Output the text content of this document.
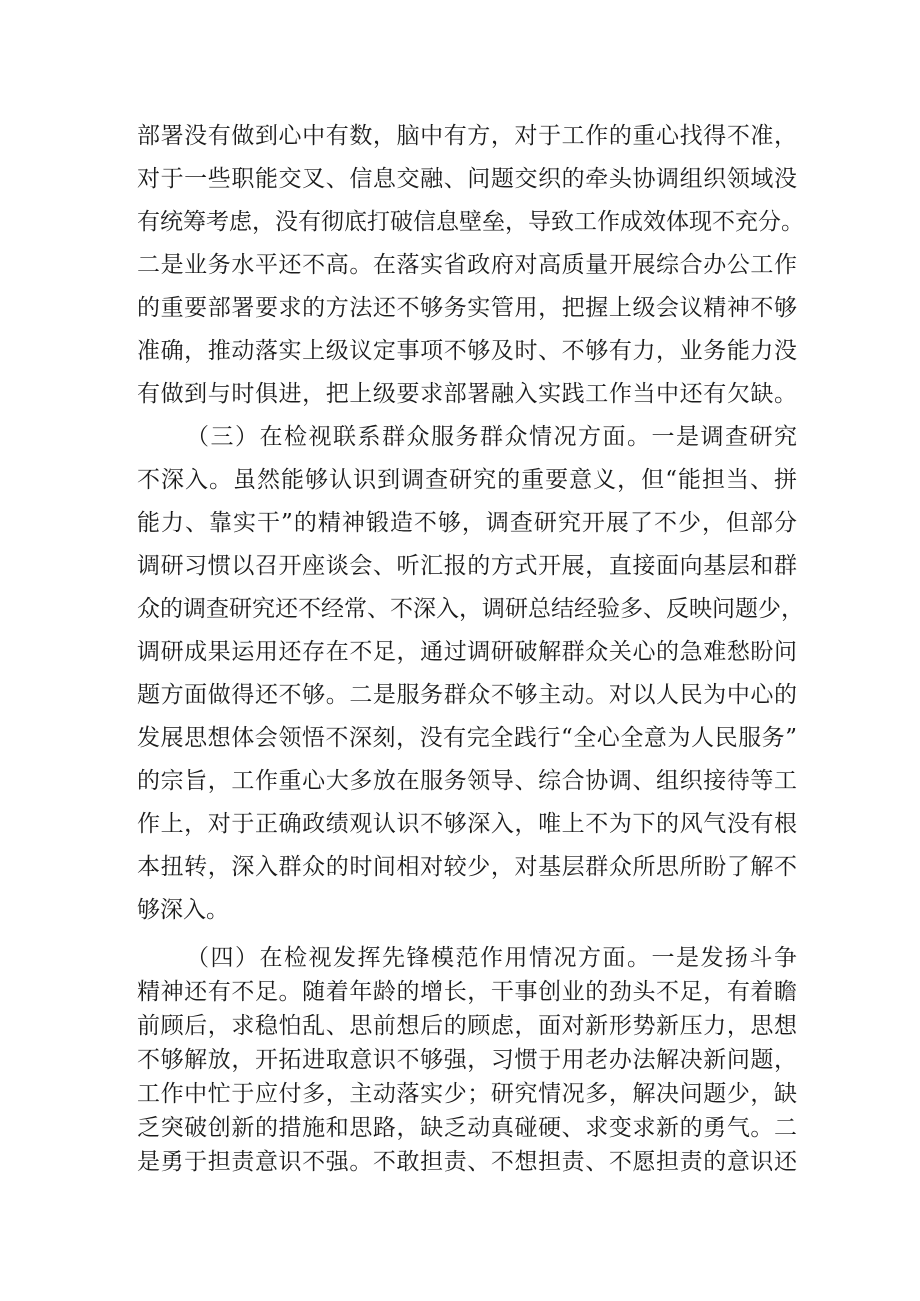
部署没有做到心中有数，脑中有方，对于工作的重心找得不准，
对于一些职能交叉、信息交融、问题交织的牵头协调组织领域没
有统筹考虑，没有彻底打破信息壁垒，导致工作成效体现不充分。
二是业务水平还不高。在落实省政府对高质量开展综合办公工作
的重要部署要求的方法还不够务实管用，把握上级会议精神不够
准确，推动落实上级议定事项不够及时、不够有力，业务能力没
有做到与时俱进，把上级要求部署融入实践工作当中还有欠缺。
（三）在检视联系群众服务群众情况方面。一是调查研究
不深入。虽然能够认识到调查研究的重要意义，但“能担当、拼
能力、靠实干”的精神锻造不够，调查研究开展了不少，但部分
调研习惯以召开座谈会、听汇报的方式开展，直接面向基层和群
众的调查研究还不经常、不深入，调研总结经验多、反映问题少，
调研成果运用还存在不足，通过调研破解群众关心的急难愁盼问
题方面做得还不够。二是服务群众不够主动。对以人民为中心的
发展思想体会领悟不深刻，没有完全践行“全心全意为人民服务”
的宗旨，工作重心大多放在服务领导、综合协调、组织接待等工
作上，对于正确政绩观认识不够深入，唯上不为下的风气没有根
本扭转，深入群众的时间相对较少，对基层群众所思所盼了解不
够深入。
（四）在检视发挥先锋模范作用情况方面。一是发扬斗争
精神还有不足。随着年龄的增长，干事创业的劲头不足，有着瞻
前顾后，求稳怕乱、思前想后的顾虑，面对新形势新压力，思想
不够解放，开拓进取意识不够强，习惯于用老办法解决新问题，
工作中忙于应付多，主动落实少；研究情况多，解决问题少，缺
乏突破创新的措施和思路，缺乏动真碰硬、求变求新的勇气。二
是勇于担责意识不强。不敢担责、不想担责、不愿担责的意识还
